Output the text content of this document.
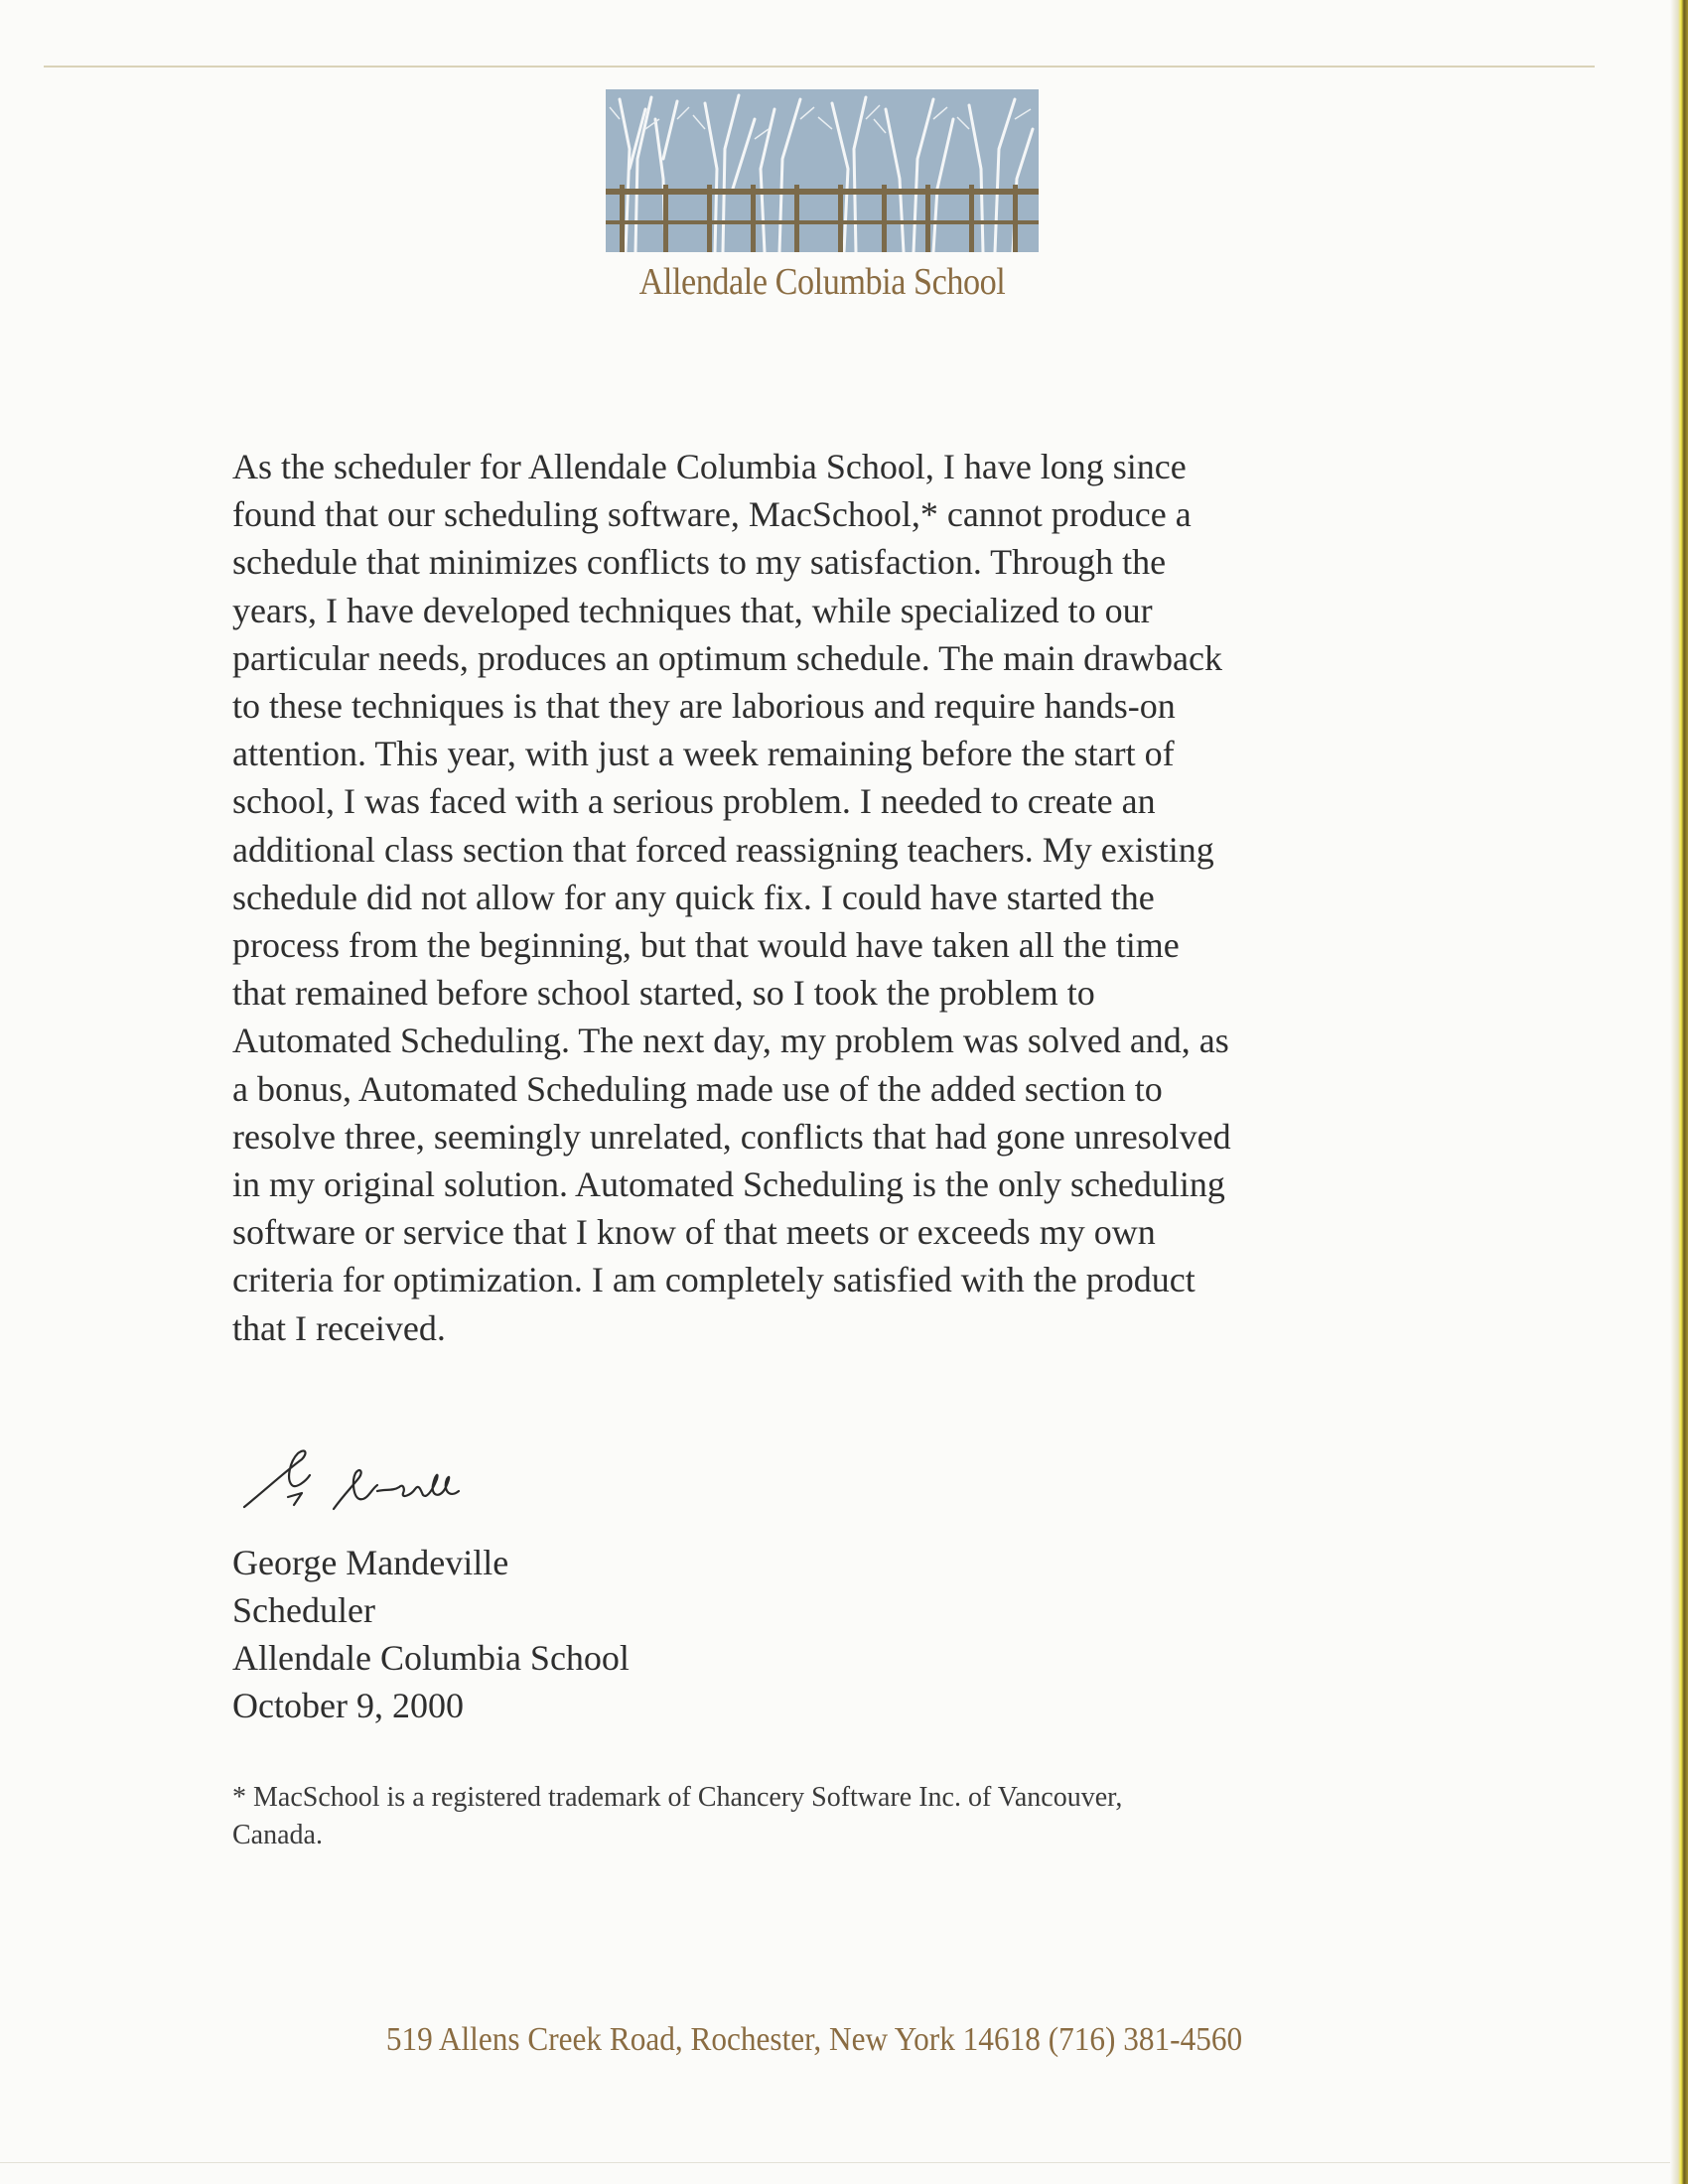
Allendale Columbia School
As the scheduler for Allendale Columbia School, I have long since
found that our scheduling software, MacSchool,* cannot produce a
schedule that minimizes conflicts to my satisfaction. Through the
years, I have developed techniques that, while specialized to our
particular needs, produces an optimum schedule. The main drawback
to these techniques is that they are laborious and require hands-on
attention. This year, with just a week remaining before the start of
school, I was faced with a serious problem. I needed to create an
additional class section that forced reassigning teachers. My existing
schedule did not allow for any quick fix. I could have started the
process from the beginning, but that would have taken all the time
that remained before school started, so I took the problem to
Automated Scheduling. The next day, my problem was solved and, as
a bonus, Automated Scheduling made use of the added section to
resolve three, seemingly unrelated, conflicts that had gone unresolved
in my original solution. Automated Scheduling is the only scheduling
software or service that I know of that meets or exceeds my own
criteria for optimization. I am completely satisfied with the product
that I received.
George Mandeville
Scheduler
Allendale Columbia School
October 9, 2000
* MacSchool is a registered trademark of Chancery Software Inc. of Vancouver,
Canada.
519 Allens Creek Road, Rochester, New York 14618 (716) 381-4560
